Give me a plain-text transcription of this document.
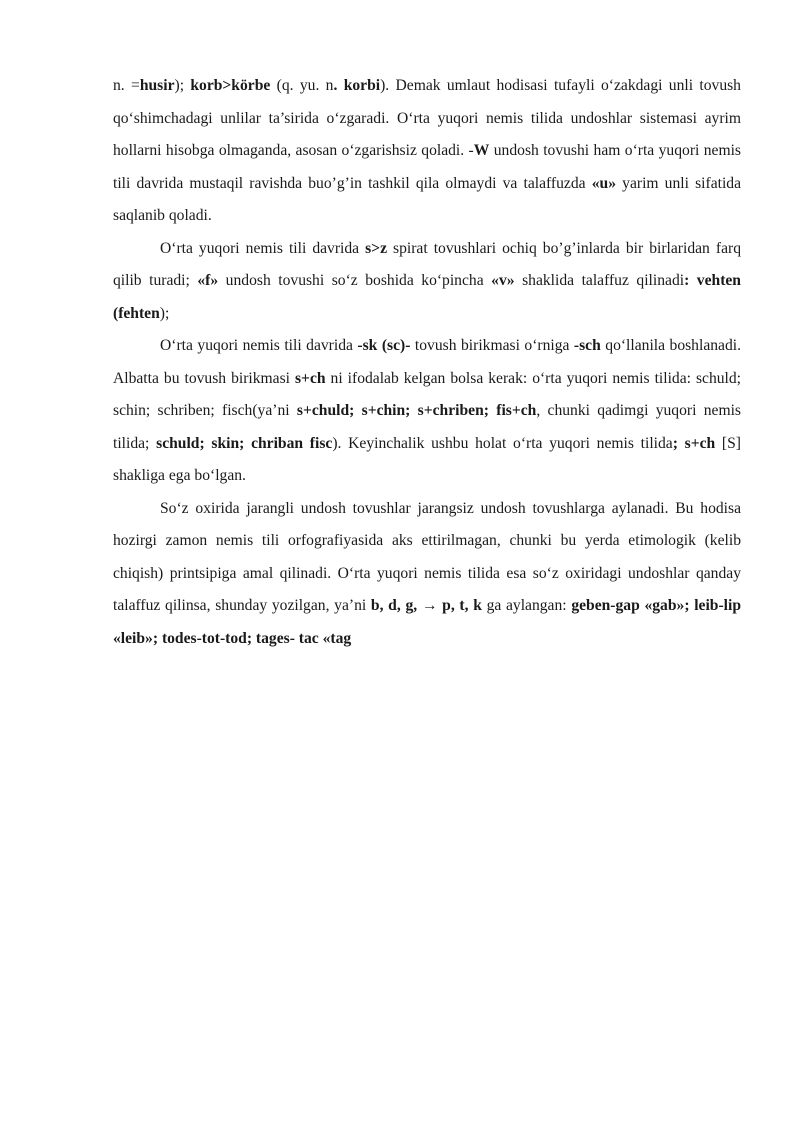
n. =husir); korb>körbe (q. yu. n. korbi). Demak umlaut hodisasi tufayli o‘zakdagi unli tovush qo‘shimchadagi unlilar ta’sirida o‘zgaradi. O‘rta yuqori nemis tilida undoshlar sistemasi ayrim hollarni hisobga olmaganda, asosan o‘zgarishsiz qoladi. -W undosh tovushi ham o‘rta yuqori nemis tili davrida mustaqil ravishda buo’g’in tashkil qila olmaydi va talaffuzda «u» yarim unli sifatida saqlanib qoladi.

O‘rta yuqori nemis tili davrida s>z spirat tovushlari ochiq bo’g’inlarda bir birlaridan farq qilib turadi; «f» undosh tovushi so‘z boshida ko‘pincha «v» shaklida talaffuz qilinadi: vehten (fehten);

O‘rta yuqori nemis tili davrida -sk (sc)- tovush birikmasi o‘rniga -sch qo‘llanila boshlanadi. Albatta bu tovush birikmasi s+ch ni ifodalab kelgan bolsa kerak: o‘rta yuqori nemis tilida: schuld; schin; schriben; fisch(ya’ni s+chuld; s+chin; s+chriben; fis+ch, chunki qadimgi yuqori nemis tilida; schuld; skin; chriban fisc). Keyinchalik ushbu holat o‘rta yuqori nemis tilida; s+ch [S] shakliga ega bo‘lgan.

So‘z oxirida jarangli undosh tovushlar jarangsiz undosh tovushlarga aylanadi. Bu hodisa hozirgi zamon nemis tili orfografiyasida aks ettirilmagan, chunki bu yerda etimologik (kelib chiqish) printsipiga amal qilinadi. O‘rta yuqori nemis tilida esa so‘z oxiridagi undoshlar qanday talaffuz qilinsa, shunday yozilgan, ya’ni b, d, g, → p, t, k ga aylangan: geben-gap «gab»; leib-lip «leib»; todes-tot-tod; tages- tac «tag
